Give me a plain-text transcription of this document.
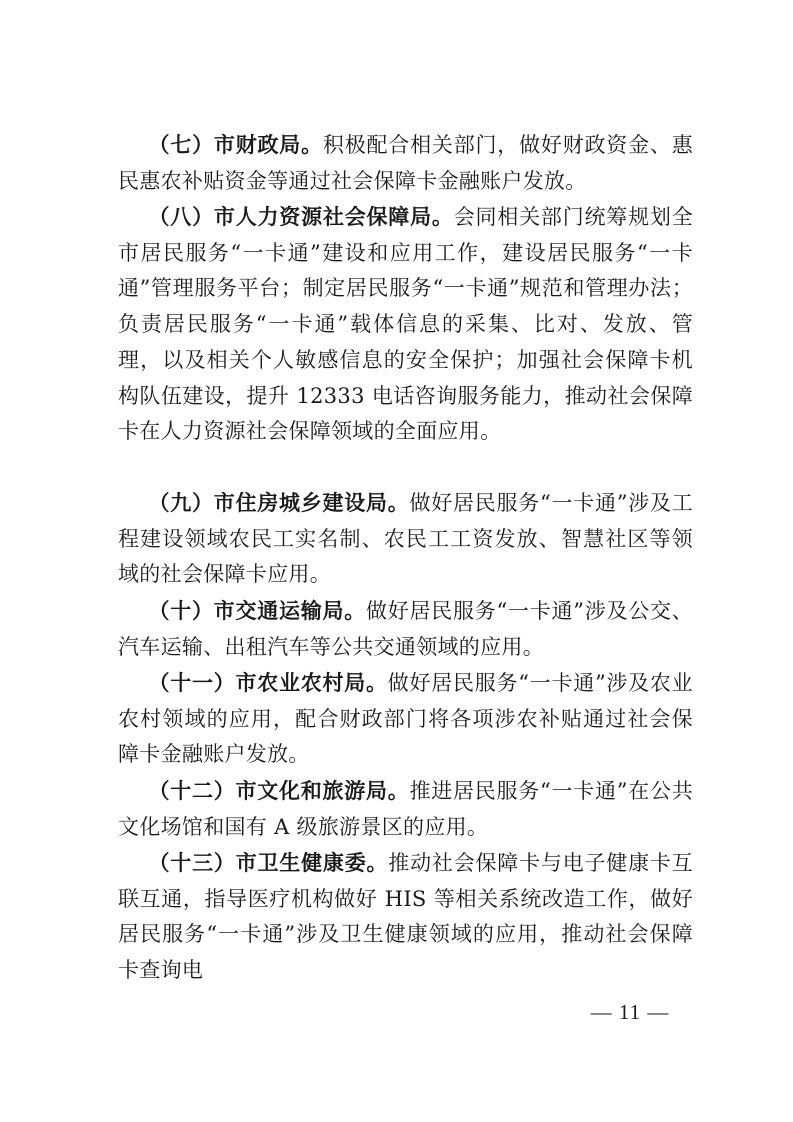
（七）市财政局。积极配合相关部门，做好财政资金、惠民惠农补贴资金等通过社会保障卡金融账户发放。

（八）市人力资源社会保障局。会同相关部门统筹规划全市居民服务“一卡通”建设和应用工作，建设居民服务“一卡通”管理服务平台；制定居民服务“一卡通”规范和管理办法；负责居民服务“一卡通”载体信息的采集、比对、发放、管理，以及相关个人敏感信息的安全保护；加强社会保障卡机构队伍建设，提升 12333 电话咨询服务能力，推动社会保障卡在人力资源社会保障领域的全面应用。

（九）市住房城乡建设局。做好居民服务“一卡通”涉及工程建设领域农民工实名制、农民工工资发放、智慧社区等领域的社会保障卡应用。

（十）市交通运输局。做好居民服务“一卡通”涉及公交、汽车运输、出租汽车等公共交通领域的应用。

（十一）市农业农村局。做好居民服务“一卡通”涉及农业农村领域的应用，配合财政部门将各项涉农补贴通过社会保障卡金融账户发放。

（十二）市文化和旅游局。推进居民服务“一卡通”在公共文化场馆和国有 A 级旅游景区的应用。

（十三）市卫生健康委。推动社会保障卡与电子健康卡互联互通，指导医疗机构做好 HIS 等相关系统改造工作，做好居民服务“一卡通”涉及卫生健康领域的应用，推动社会保障卡查询电

— 11 —
